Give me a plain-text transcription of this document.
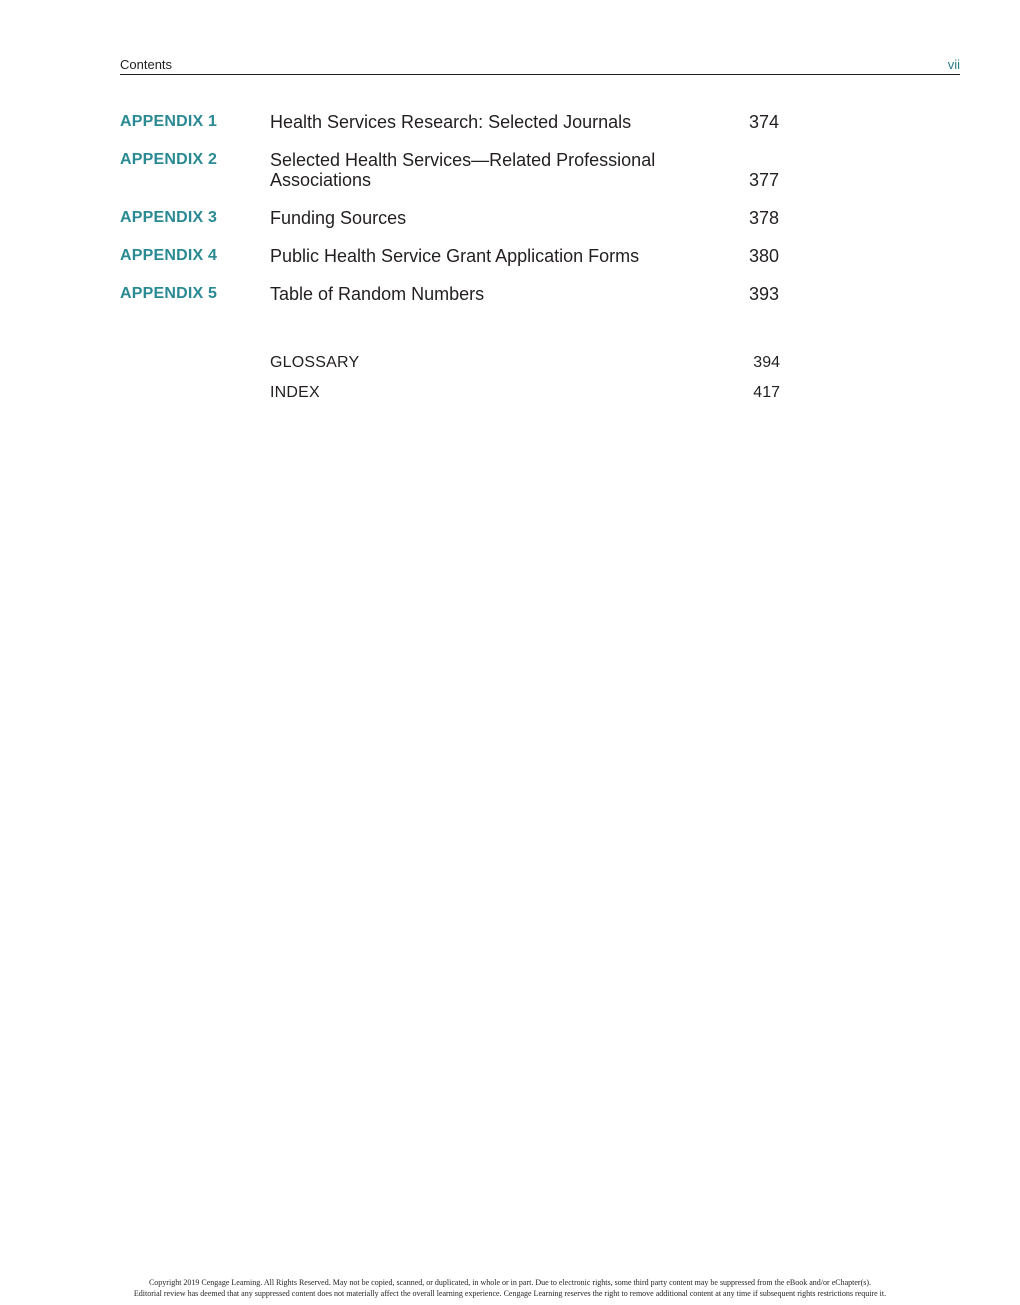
Contents	vii
APPENDIX 1	Health Services Research: Selected Journals	374
APPENDIX 2	Selected Health Services—Related Professional Associations	377
APPENDIX 3	Funding Sources	378
APPENDIX 4	Public Health Service Grant Application Forms	380
APPENDIX 5	Table of Random Numbers	393
GLOSSARY	394
INDEX	417
Copyright 2019 Cengage Learning. All Rights Reserved. May not be copied, scanned, or duplicated, in whole or in part. Due to electronic rights, some third party content may be suppressed from the eBook and/or eChapter(s).
Editorial review has deemed that any suppressed content does not materially affect the overall learning experience. Cengage Learning reserves the right to remove additional content at any time if subsequent rights restrictions require it.
